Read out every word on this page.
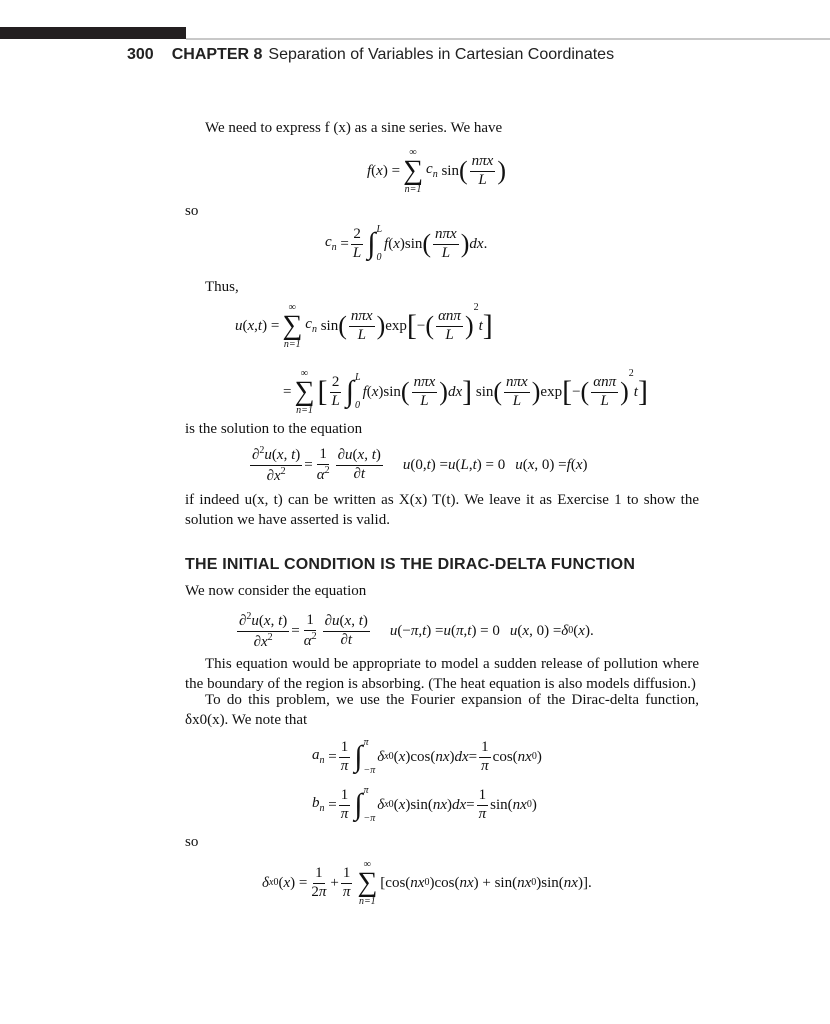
300 CHAPTER 8 Separation of Variables in Cartesian Coordinates
We need to express f (x) as a sine series. We have
f ( x ) =
∞
∑
n=1
$c_n$ sin ( $\frac{\text{nπx}}{L}$ )
so
$c_n = \frac{2}{L}$ ∫ L
0
f ( x )sin ( $\frac{\text{nπx}}{L}$ ) dx .
Thus,
u ( x , t ) =
∞
∑
n=1
$c_n$ sin ( $\frac{\text{nπx}}{L}$ ) exp [ − ( $\frac{\text{αnπ}}{L}$ )
2
t ]
=
∞
∑
n=1
[ $\frac{2}{L}$ ∫ L
0
f ( x )sin ( $\frac{\text{nπx}}{L}$ ) dx ] sin ( $\frac{\text{nπx}}{L}$ ) exp [ − ( $\frac{\text{αnπ}}{L}$ )
2
t ]
is the solution to the equation
$\frac{\partial^2u(x, t)}{\partial x^2} = \frac{1}{\alpha^2} \frac{\partial u(x, t)}{\partial t}$ u (0, t ) = u ( L , t ) = 0 u ( x , 0) = f ( x )
if indeed u(x, t) can be written as X(x) T(t). We leave it as Exercise 1 to show the solution we have asserted is valid.
THE INITIAL CONDITION IS THE DIRAC-DELTA FUNCTION
We now consider the equation
$\frac{\partial^2u(x, t)}{\partial x^2} = \frac{1}{\alpha^2} \frac{\partial u(x, t)}{\partial t}$ u (− π , t ) = u ( π , t ) = 0 u ( x , 0) = δ 0 ( x ).
This equation would be appropriate to model a sudden release of pollution where the boundary of the region is absorbing. (The heat equation is also models diffusion.)
To do this problem, we use the Fourier expansion of the Dirac-delta function, δx0(x). We note that
$a_n = \frac{1}{\pi}$ ∫ π
−π
δ x0 ( x )cos( nx ) dx = $\frac{1}{\pi} \cos$( nx 0 )
$b_n = \frac{1}{\pi}$ ∫ π
−π
δ x0 ( x )sin( nx ) dx = $\frac{1}{\pi} \sin$( nx 0 )
so
δ x0 ( x ) = $\frac{1}{2\pi} + \frac{1}{\pi}$
∞
∑
n=1
[cos( nx 0 )cos( nx ) + sin( nx 0 )sin( nx )].
